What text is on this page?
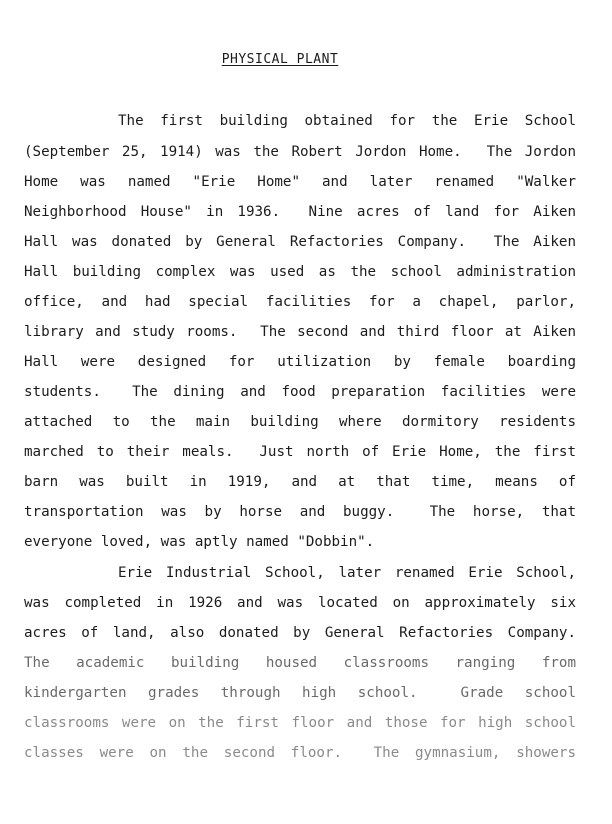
PHYSICAL PLANT
The first building obtained for the Erie School
(September 25, 1914) was the Robert Jordon Home.  The Jordon
Home was named "Erie Home" and later renamed "Walker
Neighborhood House" in 1936.  Nine acres of land for Aiken
Hall was donated by General Refactories Company.  The Aiken
Hall building complex was used as the school administration
office, and had special facilities for a chapel, parlor,
library and study rooms.  The second and third floor at Aiken
Hall were designed for utilization by female boarding
students.  The dining and food preparation facilities were
attached to the main building where dormitory residents
marched to their meals.  Just north of Erie Home, the first
barn was built in 1919, and at that time, means of
transportation was by horse and buggy.  The horse, that
everyone loved, was aptly named "Dobbin".
Erie Industrial School, later renamed Erie School,
was completed in 1926 and was located on approximately six
acres of land, also donated by General Refactories Company.
The academic building housed classrooms ranging from
kindergarten grades through high school.  Grade school
classrooms were on the first floor and those for high school
classes were on the second floor.  The gymnasium, showers
